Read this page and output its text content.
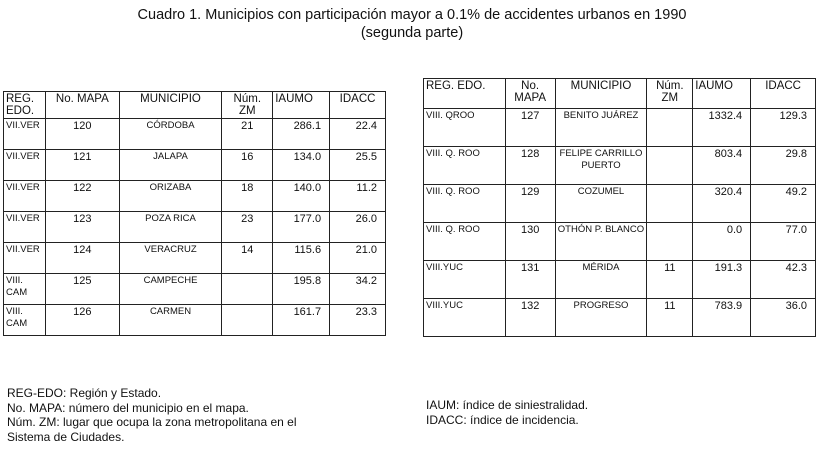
Cuadro 1. Municipios con participación mayor a 0.1% de accidentes urbanos en 1990
(segunda parte)
REG. EDO.	No. MAPA	MUNICIPIO	Núm. ZM	IAUMO	IDACC
VII.VER	120	CÓRDOBA	21	286.1	22.4
VII.VER	121	JALAPA	16	134.0	25.5
VII.VER	122	ORIZABA	18	140.0	11.2
VII.VER	123	POZA RICA	23	177.0	26.0
VII.VER	124	VERACRUZ	14	115.6	21.0
VIII. CAM	125	CAMPECHE		195.8	34.2
VIII. CAM	126	CARMEN		161.7	23.3
REG. EDO.	No. MAPA	MUNICIPIO	Núm. ZM	IAUMO	IDACC
VIII. QROO	127	BENITO JUÁREZ		1332.4	129.3
VIII. Q. ROO	128	FELIPE CARRILLO PUERTO		803.4	29.8
VIII. Q. ROO	129	COZUMEL		320.4	49.2
VIII. Q. ROO	130	OTHÓN P. BLANCO		0.0	77.0
VIII.YUC	131	MÉRIDA	11	191.3	42.3
VIII.YUC	132	PROGRESO	11	783.9	36.0
REG-EDO: Región y Estado.
No. MAPA: número del municipio en el mapa.
Núm. ZM: lugar que ocupa la zona metropolitana en el
Sistema de Ciudades.
IAUM: índice de siniestralidad.
IDACC: índice de incidencia.
